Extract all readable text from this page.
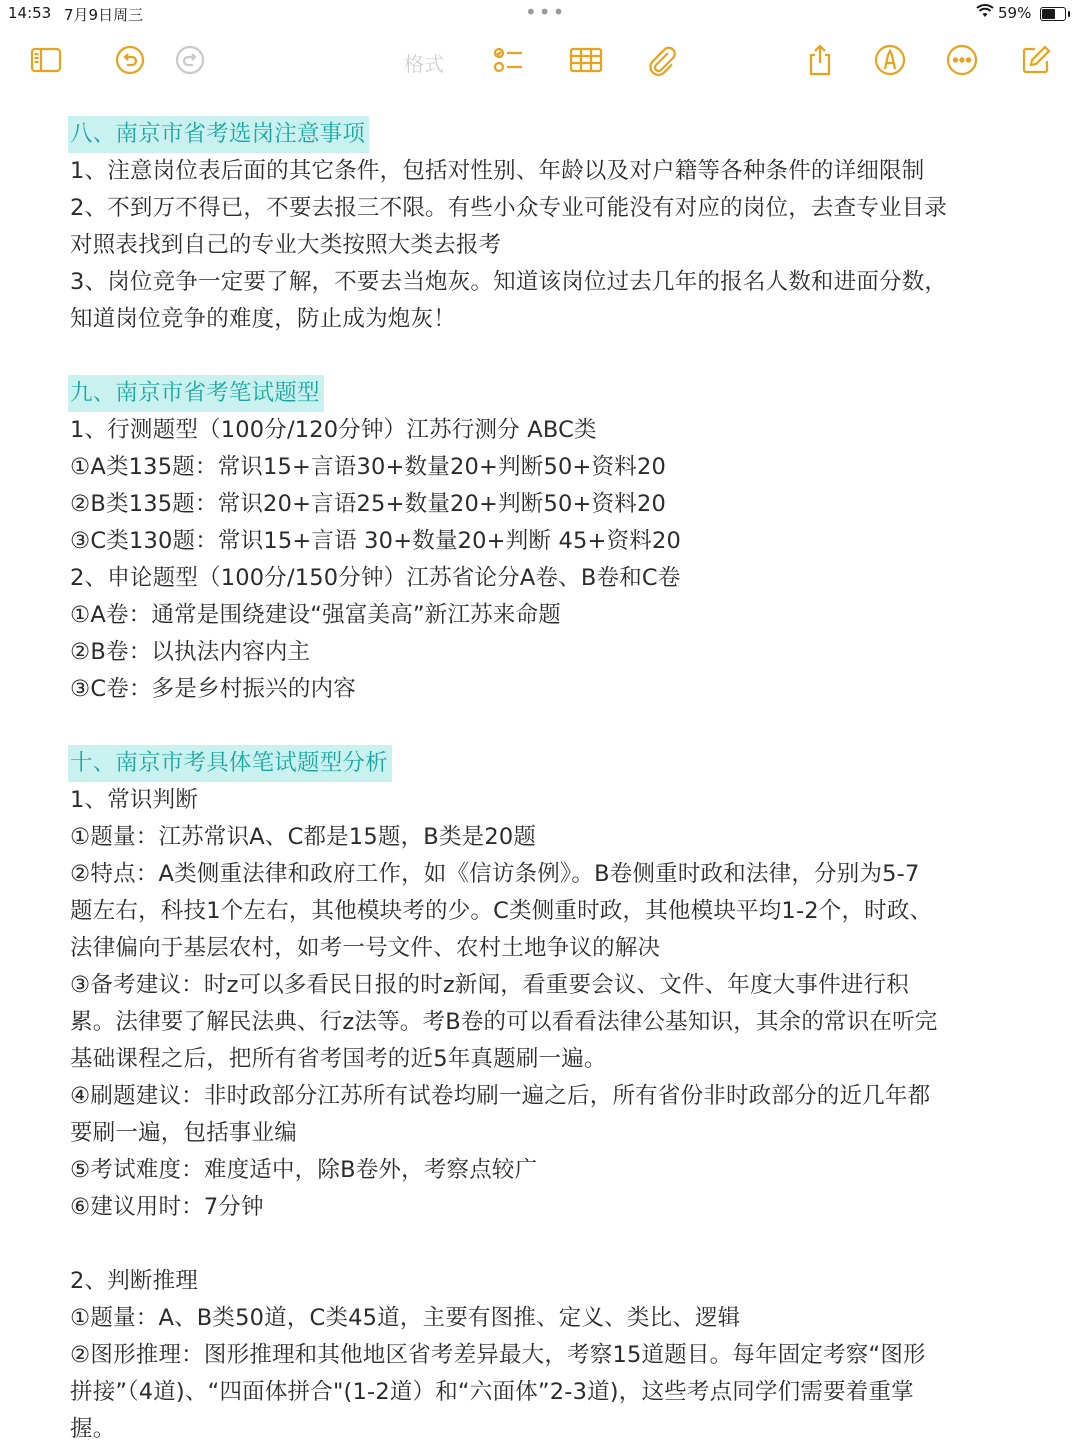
14:53 7月9日周三	•••	59%
格式
八、南京市省考选岗注意事项
1、注意岗位表后面的其它条件，包括对性别、年龄以及对户籍等各种条件的详细限制
2、不到万不得已，不要去报三不限。有些小众专业可能没有对应的岗位，去查专业目录
对照表找到自己的专业大类按照大类去报考
3、岗位竞争一定要了解，不要去当炮灰。知道该岗位过去几年的报名人数和进面分数，
知道岗位竞争的难度，防止成为炮灰！
九、南京市省考笔试题型
1、行测题型（100分/120分钟）江苏行测分 ABC类
①A类135题：常识15+言语30+数量20+判断50+资料20
②B类135题：常识20+言语25+数量20+判断50+资料20
③C类130题：常识15+言语 30+数量20+判断 45+资料20
2、申论题型（100分/150分钟）江苏省论分A卷、B卷和C卷
①A卷：通常是围绕建设“强富美高”新江苏来命题
②B卷：以执法内容内主
③C卷：多是乡村振兴的内容
十、南京市考具体笔试题型分析
1、常识判断
①题量：江苏常识A、C都是15题，B类是20题
②特点：A类侧重法律和政府工作，如《信访条例》。B卷侧重时政和法律，分别为5-7
题左右，科技1个左右，其他模块考的少。C类侧重时政，其他模块平均1-2个，时政、
法律偏向于基层农村，如考一号文件、农村土地争议的解决
③备考建议：时z可以多看民日报的时z新闻，看重要会议、文件、年度大事件进行积
累。法律要了解民法典、行z法等。考B卷的可以看看法律公基知识，其余的常识在听完
基础课程之后，把所有省考国考的近5年真题刷一遍。
④刷题建议：非时政部分江苏所有试卷均刷一遍之后，所有省份非时政部分的近几年都
要刷一遍，包括事业编
⑤考试难度：难度适中，除B卷外，考察点较广
⑥建议用时：7分钟
2、判断推理
①题量：A、B类50道，C类45道，主要有图推、定义、类比、逻辑
②图形推理：图形推理和其他地区省考差异最大，考察15道题目。每年固定考察“图形
拼接”（4道)、“四面体拼合"(1-2道）和“六面体”2-3道)，这些考点同学们需要着重掌
握。
